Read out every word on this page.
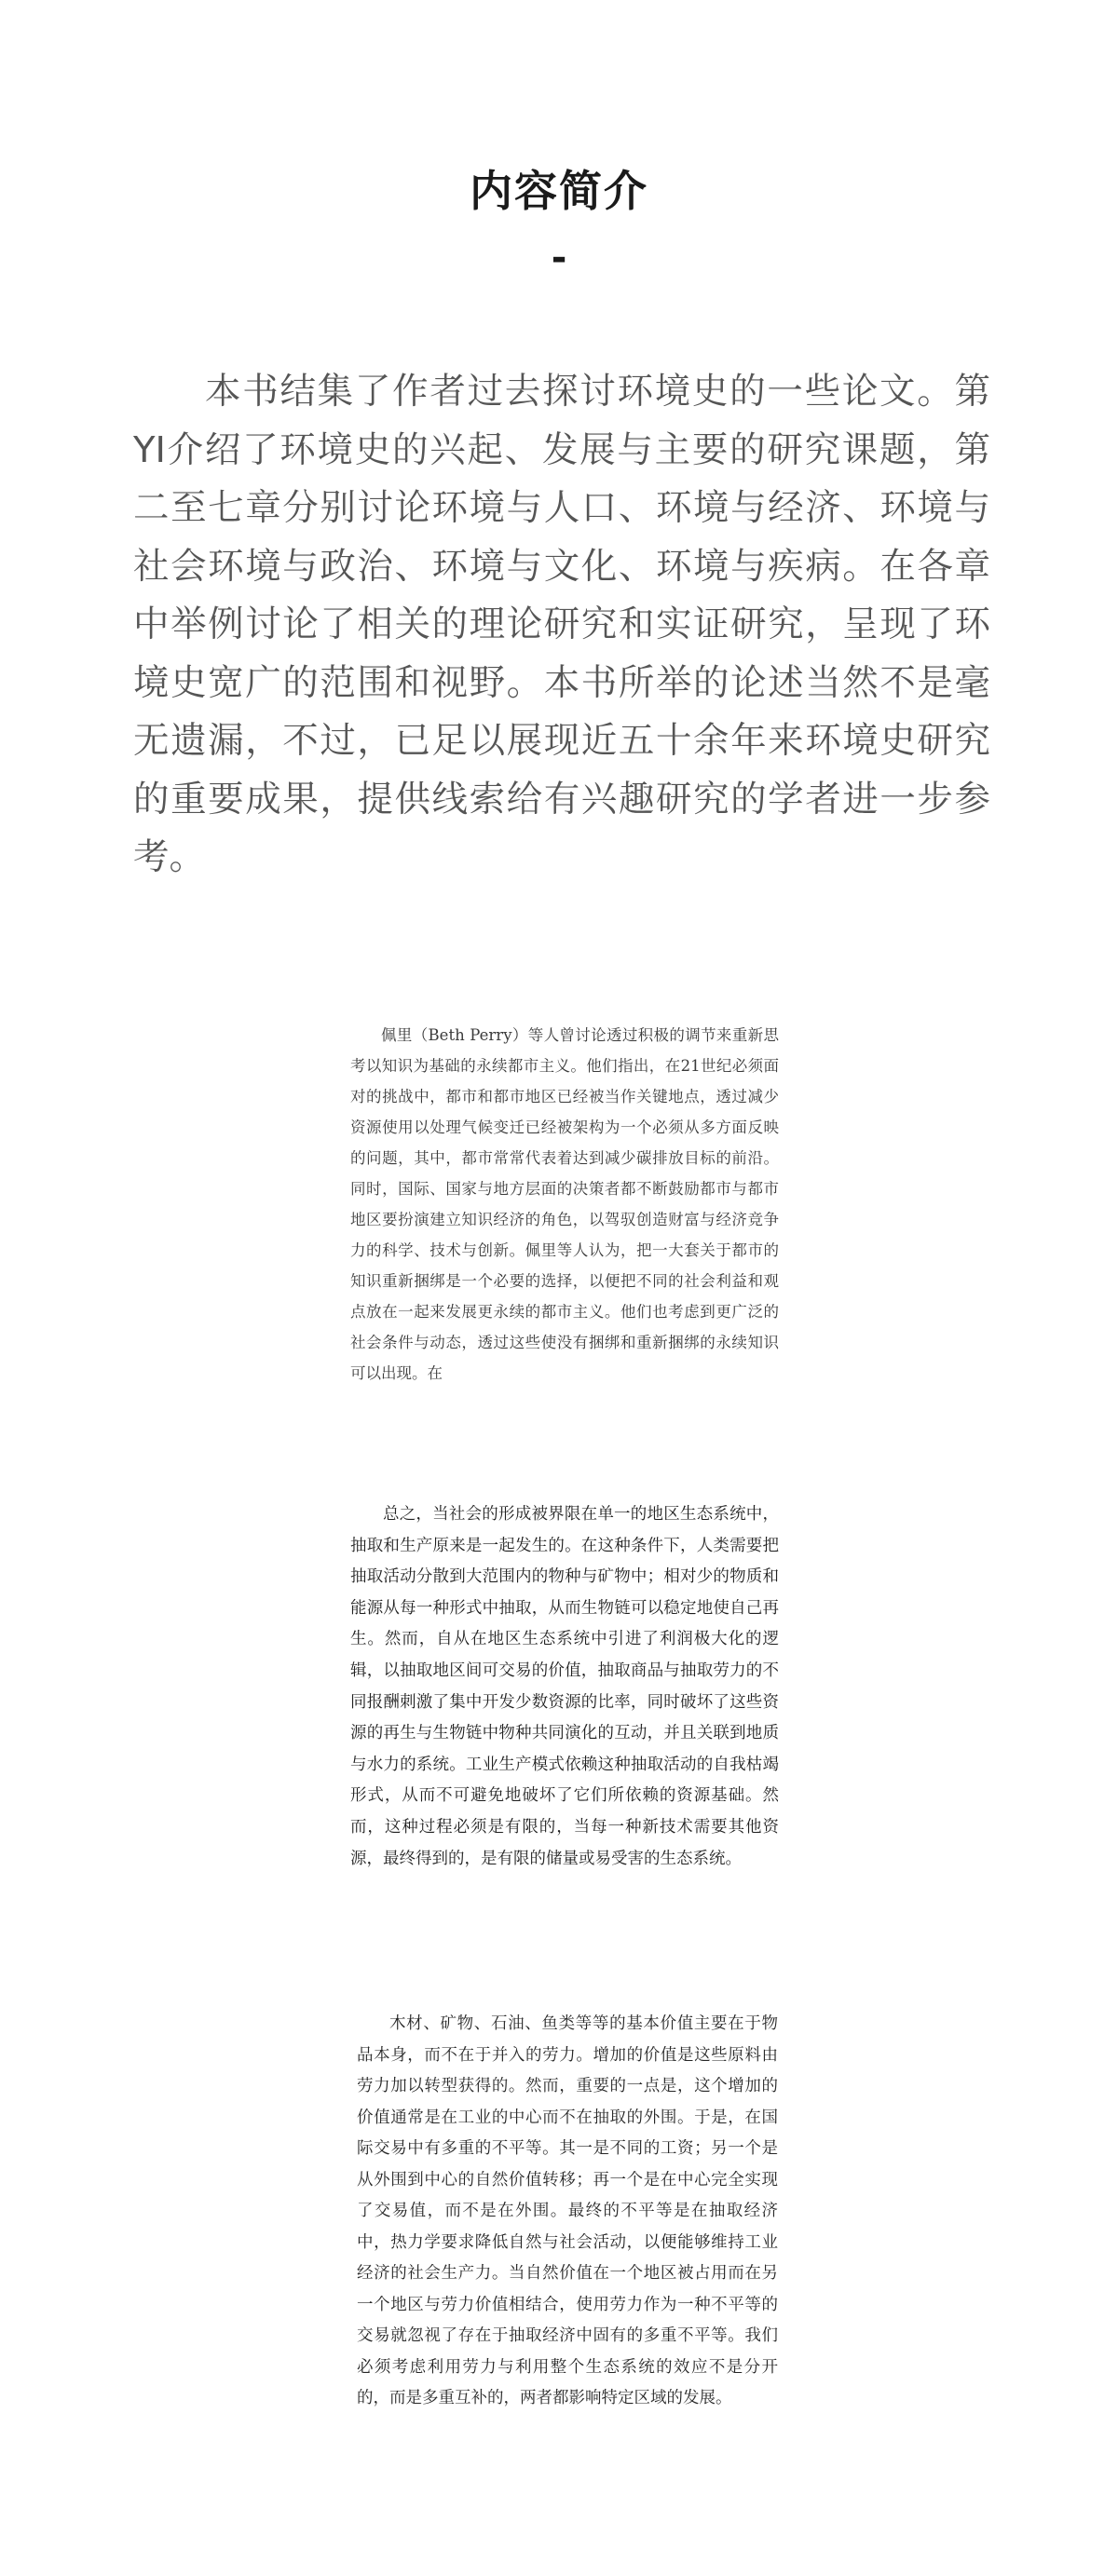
内容简介
-

本书结集了作者过去探讨环境史的一些论文。第YI介绍了环境史的兴起、发展与主要的研究课题，第二至七章分别讨论环境与人口、环境与经济、环境与社会环境与政治、环境与文化、环境与疾病。在各章中举例讨论了相关的理论研究和实证研究，呈现了环境史宽广的范围和视野。本书所举的论述当然不是毫无遗漏，不过，已足以展现近五十余年来环境史研究的重要成果，提供线索给有兴趣研究的学者进一步参考。

佩里（Beth Perry）等人曾讨论透过积极的调节来重新思考以知识为基础的永续都市主义。他们指出，在21世纪必须面对的挑战中，都市和都市地区已经被当作关键地点，透过减少资源使用以处理气候变迁已经被架构为一个必须从多方面反映的问题，其中，都市常常代表着达到减少碳排放目标的前沿。同时，国际、国家与地方层面的决策者都不断鼓励都市与都市地区要扮演建立知识经济的角色，以驾驭创造财富与经济竞争力的科学、技术与创新。佩里等人认为，把一大套关于都市的知识重新捆绑是一个必要的选择，以便把不同的社会利益和观点放在一起来发展更永续的都市主义。他们也考虑到更广泛的社会条件与动态，透过这些使没有捆绑和重新捆绑的永续知识可以出现。在

总之，当社会的形成被界限在单一的地区生态系统中，抽取和生产原来是一起发生的。在这种条件下，人类需要把抽取活动分散到大范围内的物种与矿物中；相对少的物质和能源从每一种形式中抽取，从而生物链可以稳定地使自己再生。然而，自从在地区生态系统中引进了利润极大化的逻辑，以抽取地区间可交易的价值，抽取商品与抽取劳力的不同报酬刺激了集中开发少数资源的比率，同时破坏了这些资源的再生与生物链中物种共同演化的互动，并且关联到地质与水力的系统。工业生产模式依赖这种抽取活动的自我枯竭形式，从而不可避免地破坏了它们所依赖的资源基础。然而，这种过程必须是有限的，当每一种新技术需要其他资源，最终得到的，是有限的储量或易受害的生态系统。

木材、矿物、石油、鱼类等等的基本价值主要在于物品本身，而不在于并入的劳力。增加的价值是这些原料由劳力加以转型获得的。然而，重要的一点是，这个增加的价值通常是在工业的中心而不在抽取的外围。于是，在国际交易中有多重的不平等。其一是不同的工资；另一个是从外围到中心的自然价值转移；再一个是在中心完全实现了交易值，而不是在外围。最终的不平等是在抽取经济中，热力学要求降低自然与社会活动，以便能够维持工业经济的社会生产力。当自然价值在一个地区被占用而在另一个地区与劳力价值相结合，使用劳力作为一种不平等的交易就忽视了存在于抽取经济中固有的多重不平等。我们必须考虑利用劳力与利用整个生态系统的效应不是分开的，而是多重互补的，两者都影响特定区域的发展。
